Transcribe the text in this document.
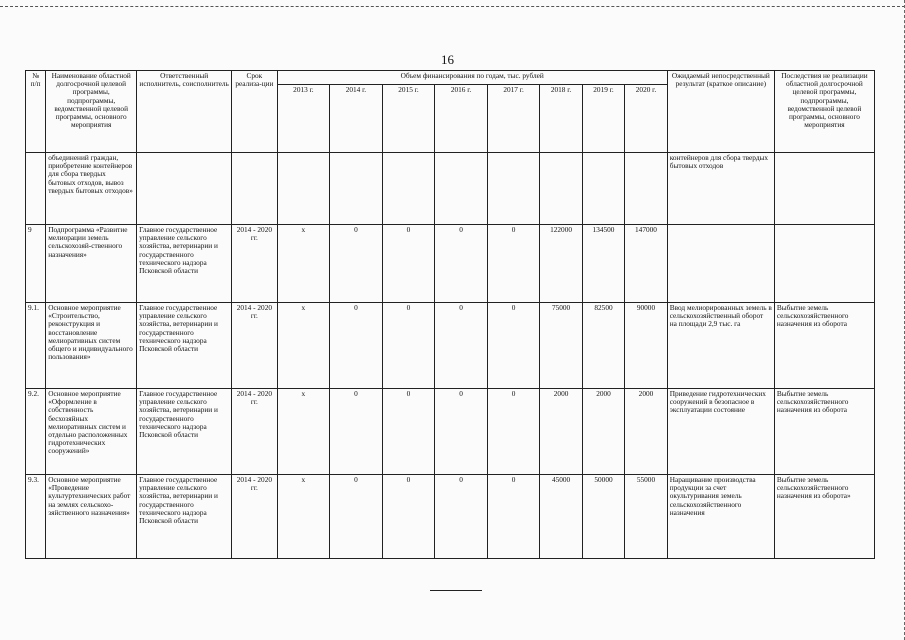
16
№
п/п	Наименование областной долгосрочной целевой программы, подпрограммы, ведомственной целевой программы, основного мероприятия	Ответственный исполнитель, соисполнитель	Срок реализа-ции	Объем финансирования по годам, тыс. рублей								Ожидаемый непосредственный результат (краткое описание)	Последствия не реализации областной долгосрочной целевой программы, подпрограммы, ведомственной целевой программы, основного мероприятия
				2013 г.	2014 г.	2015 г.	2016 г.	2017 г.	2018 г.	2019 г.	2020 г.		
	объединений граждан, приобретение контейнеров для сбора твердых бытовых отходов, вывоз твердых бытовых отходов»											контейнеров для сбора твердых бытовых отходов	
9	Подпрограмма «Развитие мелиорации земель сельскохозяй-ственного назначения»	Главное государственное управление сельского хозяйства, ветеринарии и государственного технического надзора Псковской области	2014 - 2020 гг.	х	0	0	0	0	122000	134500	147000		
9.1.	Основное мероприятие «Строительство, реконструкция и восстановление мелиоративных систем общего и индивидуального пользования»	Главное государственное управление сельского хозяйства, ветеринарии и государственного технического надзора Псковской области	2014 - 2020 гг.	х	0	0	0	0	75000	82500	90000	Ввод мелиорированных земель в сельскохозяйственный оборот на площади 2,9 тыс. га	Выбытие земель сельскохозяйственного назначения из оборота
9.2.	Основное мероприятие «Оформление в собственность бесхозяйных мелиоративных систем и отдельно расположенных гидротехнических сооружений»	Главное государственное управление сельского хозяйства, ветеринарии и государственного технического надзора Псковской области	2014 - 2020 гг.	х	0	0	0	0	2000	2000	2000	Приведение гидротехнических сооружений в безопасное в эксплуатации состояние	Выбытие земель сельскохозяйственного назначения из оборота
9.3.	Основное мероприятие «Проведение культуртехнических работ на землях сельскохо-зяйственного назначения»	Главное государственное управление сельского хозяйства, ветеринарии и государственного технического надзора Псковской области	2014 - 2020 гг.	х	0	0	0	0	45000	50000	55000	Наращивание производства продукции за счет окультуривания земель сельскохозяйственного назначения	Выбытие земель сельскохозяйственного назначения из оборота»
